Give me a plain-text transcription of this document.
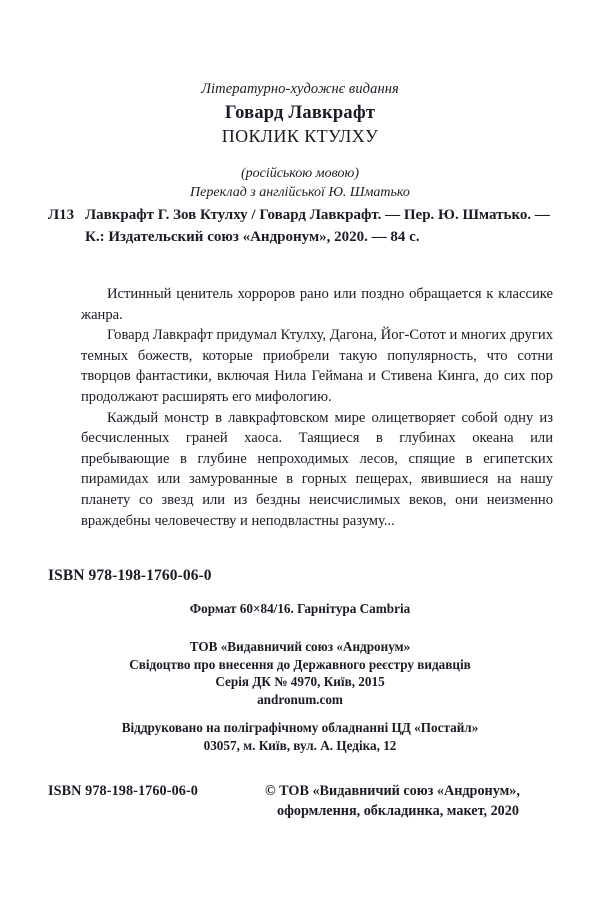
Літературно-художнє видання
Говард Лавкрафт
ПОКЛИК КТУЛХУ
(російською мовою)
Переклад з англійської Ю. Шматько
Л13 Лавкрафт Г. Зов Ктулху / Говард Лавкрафт. — Пер. Ю. Шматько. — К.: Издательский союз «Андронум», 2020. — 84 с.

Истинный ценитель хорроров рано или поздно обращается к классике жанра.

Говард Лавкрафт придумал Ктулху, Дагона, Йог-Сотот и многих других темных божеств, которые приобрели такую популярность, что сотни творцов фантастики, включая Нила Геймана и Стивена Кинга, до сих пор продолжают расширять его мифологию.

Каждый монстр в лавкрафтовском мире олицетворяет собой одну из бесчисленных граней хаоса. Таящиеся в глубинах океана или пребывающие в глубине непроходимых лесов, спящие в египетских пирамидах или замурованные в горных пещерах, явившиеся на нашу планету со звезд или из бездны неисчислимых веков, они неизменно враждебны человечеству и неподвластны разуму...

ISBN 978-198-1760-06-0
Формат 60×84/16. Гарнітура Cambria
ТОВ «Видавничий союз «Андронум»
Свідоцтво про внесення до Державного реєстру видавців
Серія ДК № 4970, Київ, 2015
andronum.com
Віддруковано на поліграфічному обладнанні ЦД «Постайл»
03057, м. Київ, вул. А. Цедіка, 12
ISBN 978-198-1760-06-0	© ТОВ «Видавничий союз «Андронум», оформлення, обкладинка, макет, 2020
